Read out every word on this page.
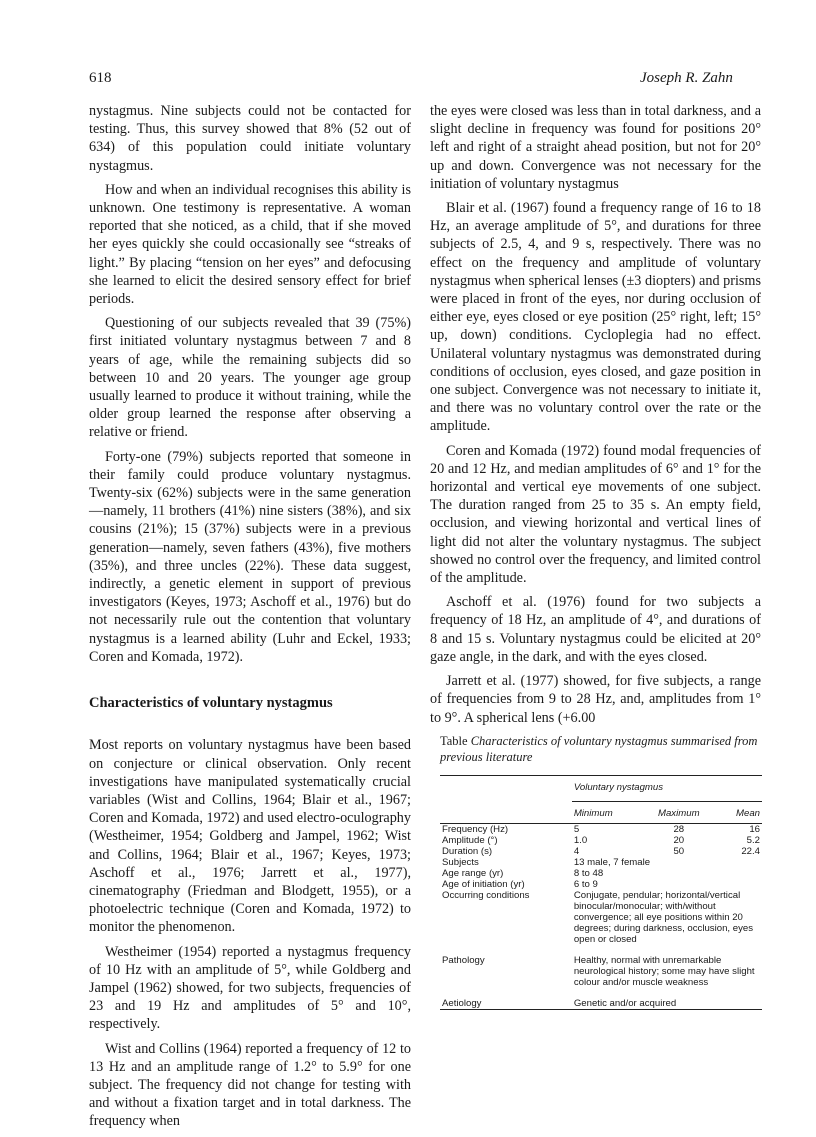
618	Joseph R. Zahn

nystagmus. Nine subjects could not be contacted for testing. Thus, this survey showed that 8% (52 out of 634) of this population could initiate voluntary nystagmus.

How and when an individual recognises this ability is unknown. One testimony is representative. A woman reported that she noticed, as a child, that if she moved her eyes quickly she could occasionally see “streaks of light.” By placing “tension on her eyes” and defocusing she learned to elicit the desired sensory effect for brief periods.

Questioning of our subjects revealed that 39 (75%) first initiated voluntary nystagmus between 7 and 8 years of age, while the remaining subjects did so between 10 and 20 years. The younger age group usually learned to produce it without training, while the older group learned the response after observing a relative or friend.

Forty-one (79%) subjects reported that someone in their family could produce voluntary nystagmus. Twenty-six (62%) subjects were in the same generation—namely, 11 brothers (41%) nine sisters (38%), and six cousins (21%); 15 (37%) subjects were in a previous generation—namely, seven fathers (43%), five mothers (35%), and three uncles (22%). These data suggest, indirectly, a genetic element in support of previous investigators (Keyes, 1973; Aschoff et al., 1976) but do not necessarily rule out the contention that voluntary nystagmus is a learned ability (Luhr and Eckel, 1933; Coren and Komada, 1972).

Characteristics of voluntary nystagmus

Most reports on voluntary nystagmus have been based on conjecture or clinical observation. Only recent investigations have manipulated systematically crucial variables (Wist and Collins, 1964; Blair et al., 1967; Coren and Komada, 1972) and used electro-oculography (Westheimer, 1954; Goldberg and Jampel, 1962; Wist and Collins, 1964; Blair et al., 1967; Keyes, 1973; Aschoff et al., 1976; Jarrett et al., 1977), cinematography (Friedman and Blodgett, 1955), or a photoelectric technique (Coren and Komada, 1972) to monitor the phenomenon.

Westheimer (1954) reported a nystagmus frequency of 10 Hz with an amplitude of 5°, while Goldberg and Jampel (1962) showed, for two subjects, frequencies of 23 and 19 Hz and amplitudes of 5° and 10°, respectively.

Wist and Collins (1964) reported a frequency of 12 to 13 Hz and an amplitude range of 1.2° to 5.9° for one subject. The frequency did not change for testing with and without a fixation target and in total darkness. The frequency when

the eyes were closed was less than in total darkness, and a slight decline in frequency was found for positions 20° left and right of a straight ahead position, but not for 20° up and down. Convergence was not necessary for the initiation of voluntary nystagmus

Blair et al. (1967) found a frequency range of 16 to 18 Hz, an average amplitude of 5°, and durations for three subjects of 2.5, 4, and 9 s, respectively. There was no effect on the frequency and amplitude of voluntary nystagmus when spherical lenses (±3 diopters) and prisms were placed in front of the eyes, nor during occlusion of either eye, eyes closed or eye position (25° right, left; 15° up, down) conditions. Cycloplegia had no effect. Unilateral voluntary nystagmus was demonstrated during conditions of occlusion, eyes closed, and gaze position in one subject. Convergence was not necessary to initiate it, and there was no voluntary control over the rate or the amplitude.

Coren and Komada (1972) found modal frequencies of 20 and 12 Hz, and median amplitudes of 6° and 1° for the horizontal and vertical eye movements of one subject. The duration ranged from 25 to 35 s. An empty field, occlusion, and viewing horizontal and vertical lines of light did not alter the voluntary nystagmus. The subject showed no control over the frequency, and limited control of the amplitude.

Aschoff et al. (1976) found for two subjects a frequency of 18 Hz, an amplitude of 4°, and durations of 8 and 15 s. Voluntary nystagmus could be elicited at 20° gaze angle, in the dark, and with the eyes closed.

Jarrett et al. (1977) showed, for five subjects, a range of frequencies from 9 to 28 Hz, and, amplitudes from 1° to 9°. A spherical lens (+6.00

Table Characteristics of voluntary nystagmus summarised from previous literature
	Voluntary nystagmus		
	Minimum	Maximum	Mean
Frequency (Hz)	5	28	16
Amplitude (°)	1.0	20	5.2
Duration (s)	4	50	22.4
Subjects	13 male, 7 female		
Age range (yr)	8 to 48		
Age of initiation (yr)	6 to 9		
Occurring conditions	Conjugate, pendular; horizontal/vertical binocular/monocular; with/without convergence; all eye positions within 20 degrees; during darkness, occlusion, eyes open or closed		
Pathology	Healthy, normal with unremarkable neurological history; some may have slight colour and/or muscle weakness		
Aetiology	Genetic and/or acquired		
